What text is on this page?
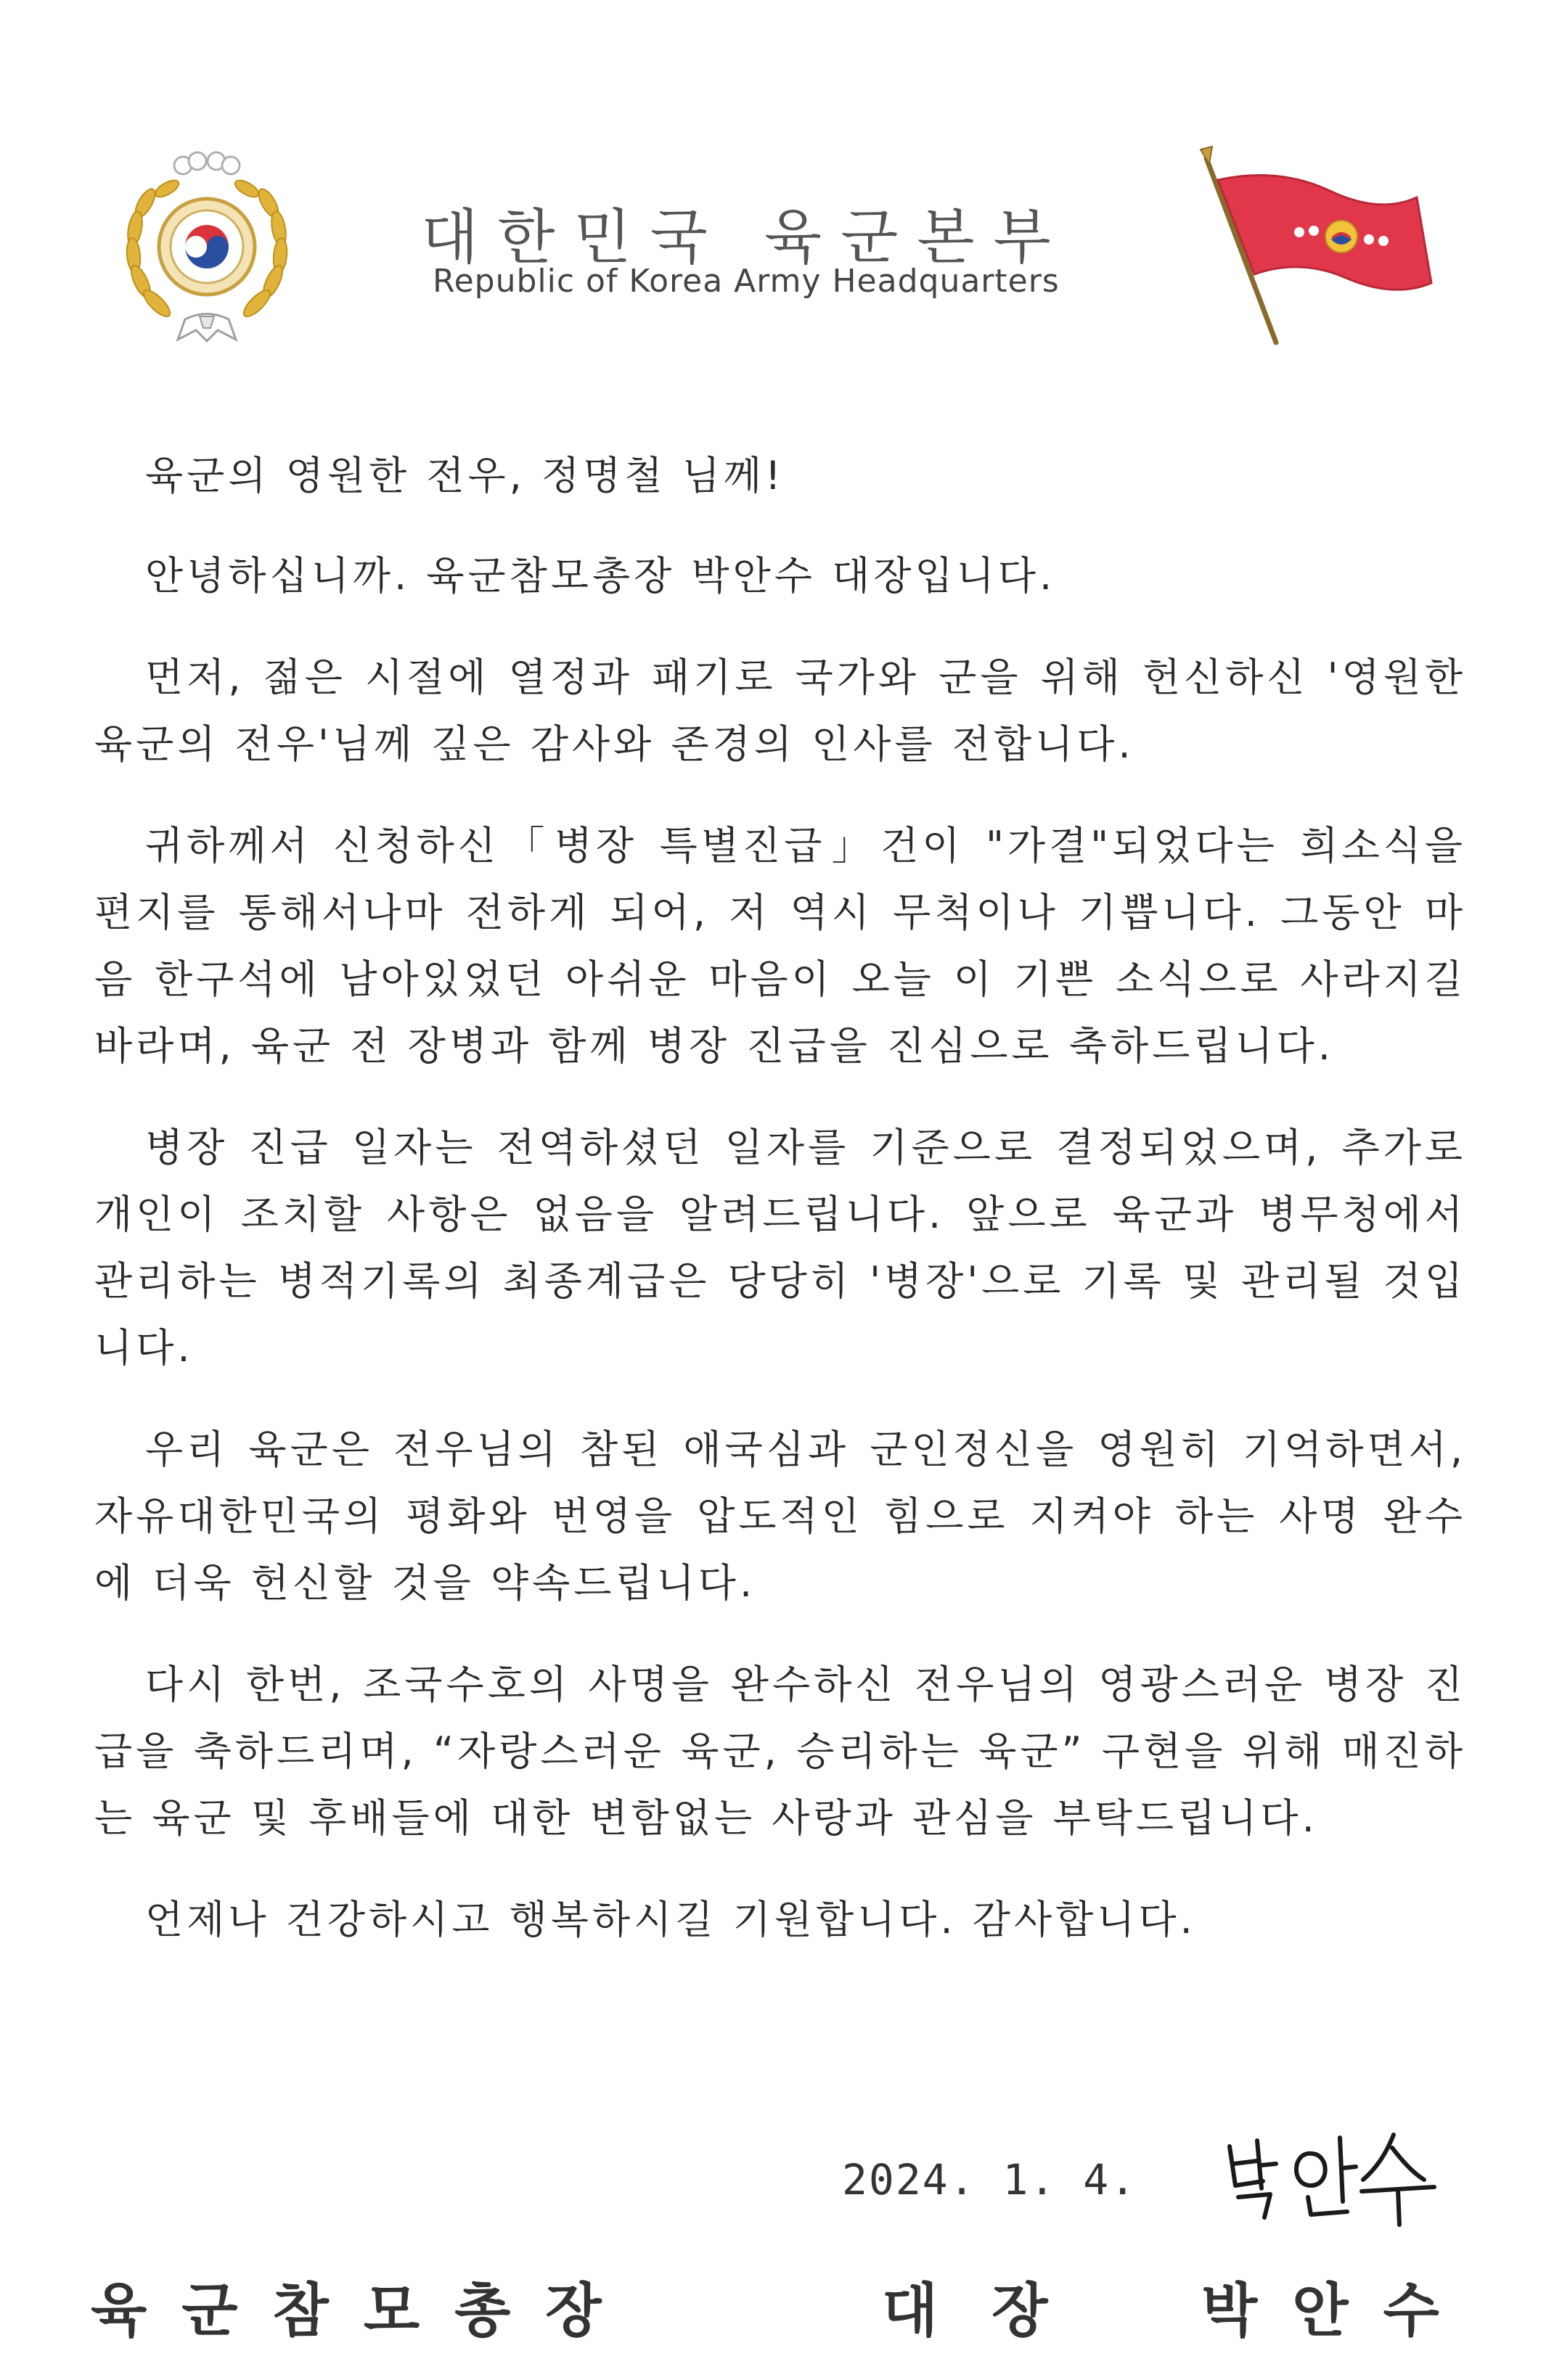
대한민국 육군본부
Republic of Korea Army Headquarters

육군의 영원한 전우, 정명철 님께!

안녕하십니까. 육군참모총장 박안수 대장입니다.

먼저, 젊은 시절에 열정과 패기로 국가와 군을 위해 헌신하신 '영원한 육군의 전우'님께 깊은 감사와 존경의 인사를 전합니다.

귀하께서 신청하신「병장 특별진급」건이 "가결"되었다는 희소식을 편지를 통해서나마 전하게 되어, 저 역시 무척이나 기쁩니다. 그동안 마음 한구석에 남아있었던 아쉬운 마음이 오늘 이 기쁜 소식으로 사라지길 바라며, 육군 전 장병과 함께 병장 진급을 진심으로 축하드립니다.

병장 진급 일자는 전역하셨던 일자를 기준으로 결정되었으며, 추가로 개인이 조치할 사항은 없음을 알려드립니다. 앞으로 육군과 병무청에서 관리하는 병적기록의 최종계급은 당당히 '병장'으로 기록 및 관리될 것입니다.

우리 육군은 전우님의 참된 애국심과 군인정신을 영원히 기억하면서, 자유대한민국의 평화와 번영을 압도적인 힘으로 지켜야 하는 사명 완수에 더욱 헌신할 것을 약속드립니다.

다시 한번, 조국수호의 사명을 완수하신 전우님의 영광스러운 병장 진급을 축하드리며, “자랑스러운 육군, 승리하는 육군” 구현을 위해 매진하는 육군 및 후배들에 대한 변함없는 사랑과 관심을 부탁드립니다.

언제나 건강하시고 행복하시길 기원합니다. 감사합니다.

2024. 1. 4.
육군참모총장	대장 박안수
